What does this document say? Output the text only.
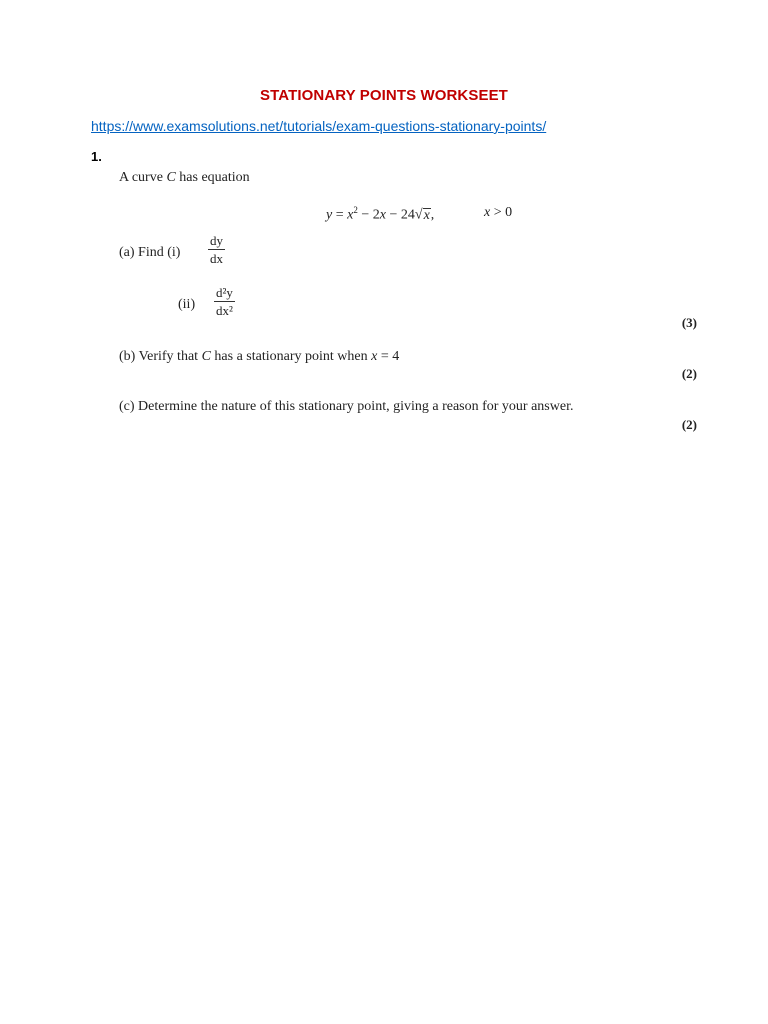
STATIONARY POINTS WORKSEET
https://www.examsolutions.net/tutorials/exam-questions-stationary-points/
1.
A curve C has equation
$y = x^2 - 2x - 24√x$,	x > 0
(a) Find (i)
dy
dx
(ii)
d²y
dx²
(3)
(b) Verify that C has a stationary point when x = 4
(2)
(c) Determine the nature of this stationary point, giving a reason for your answer.
(2)
